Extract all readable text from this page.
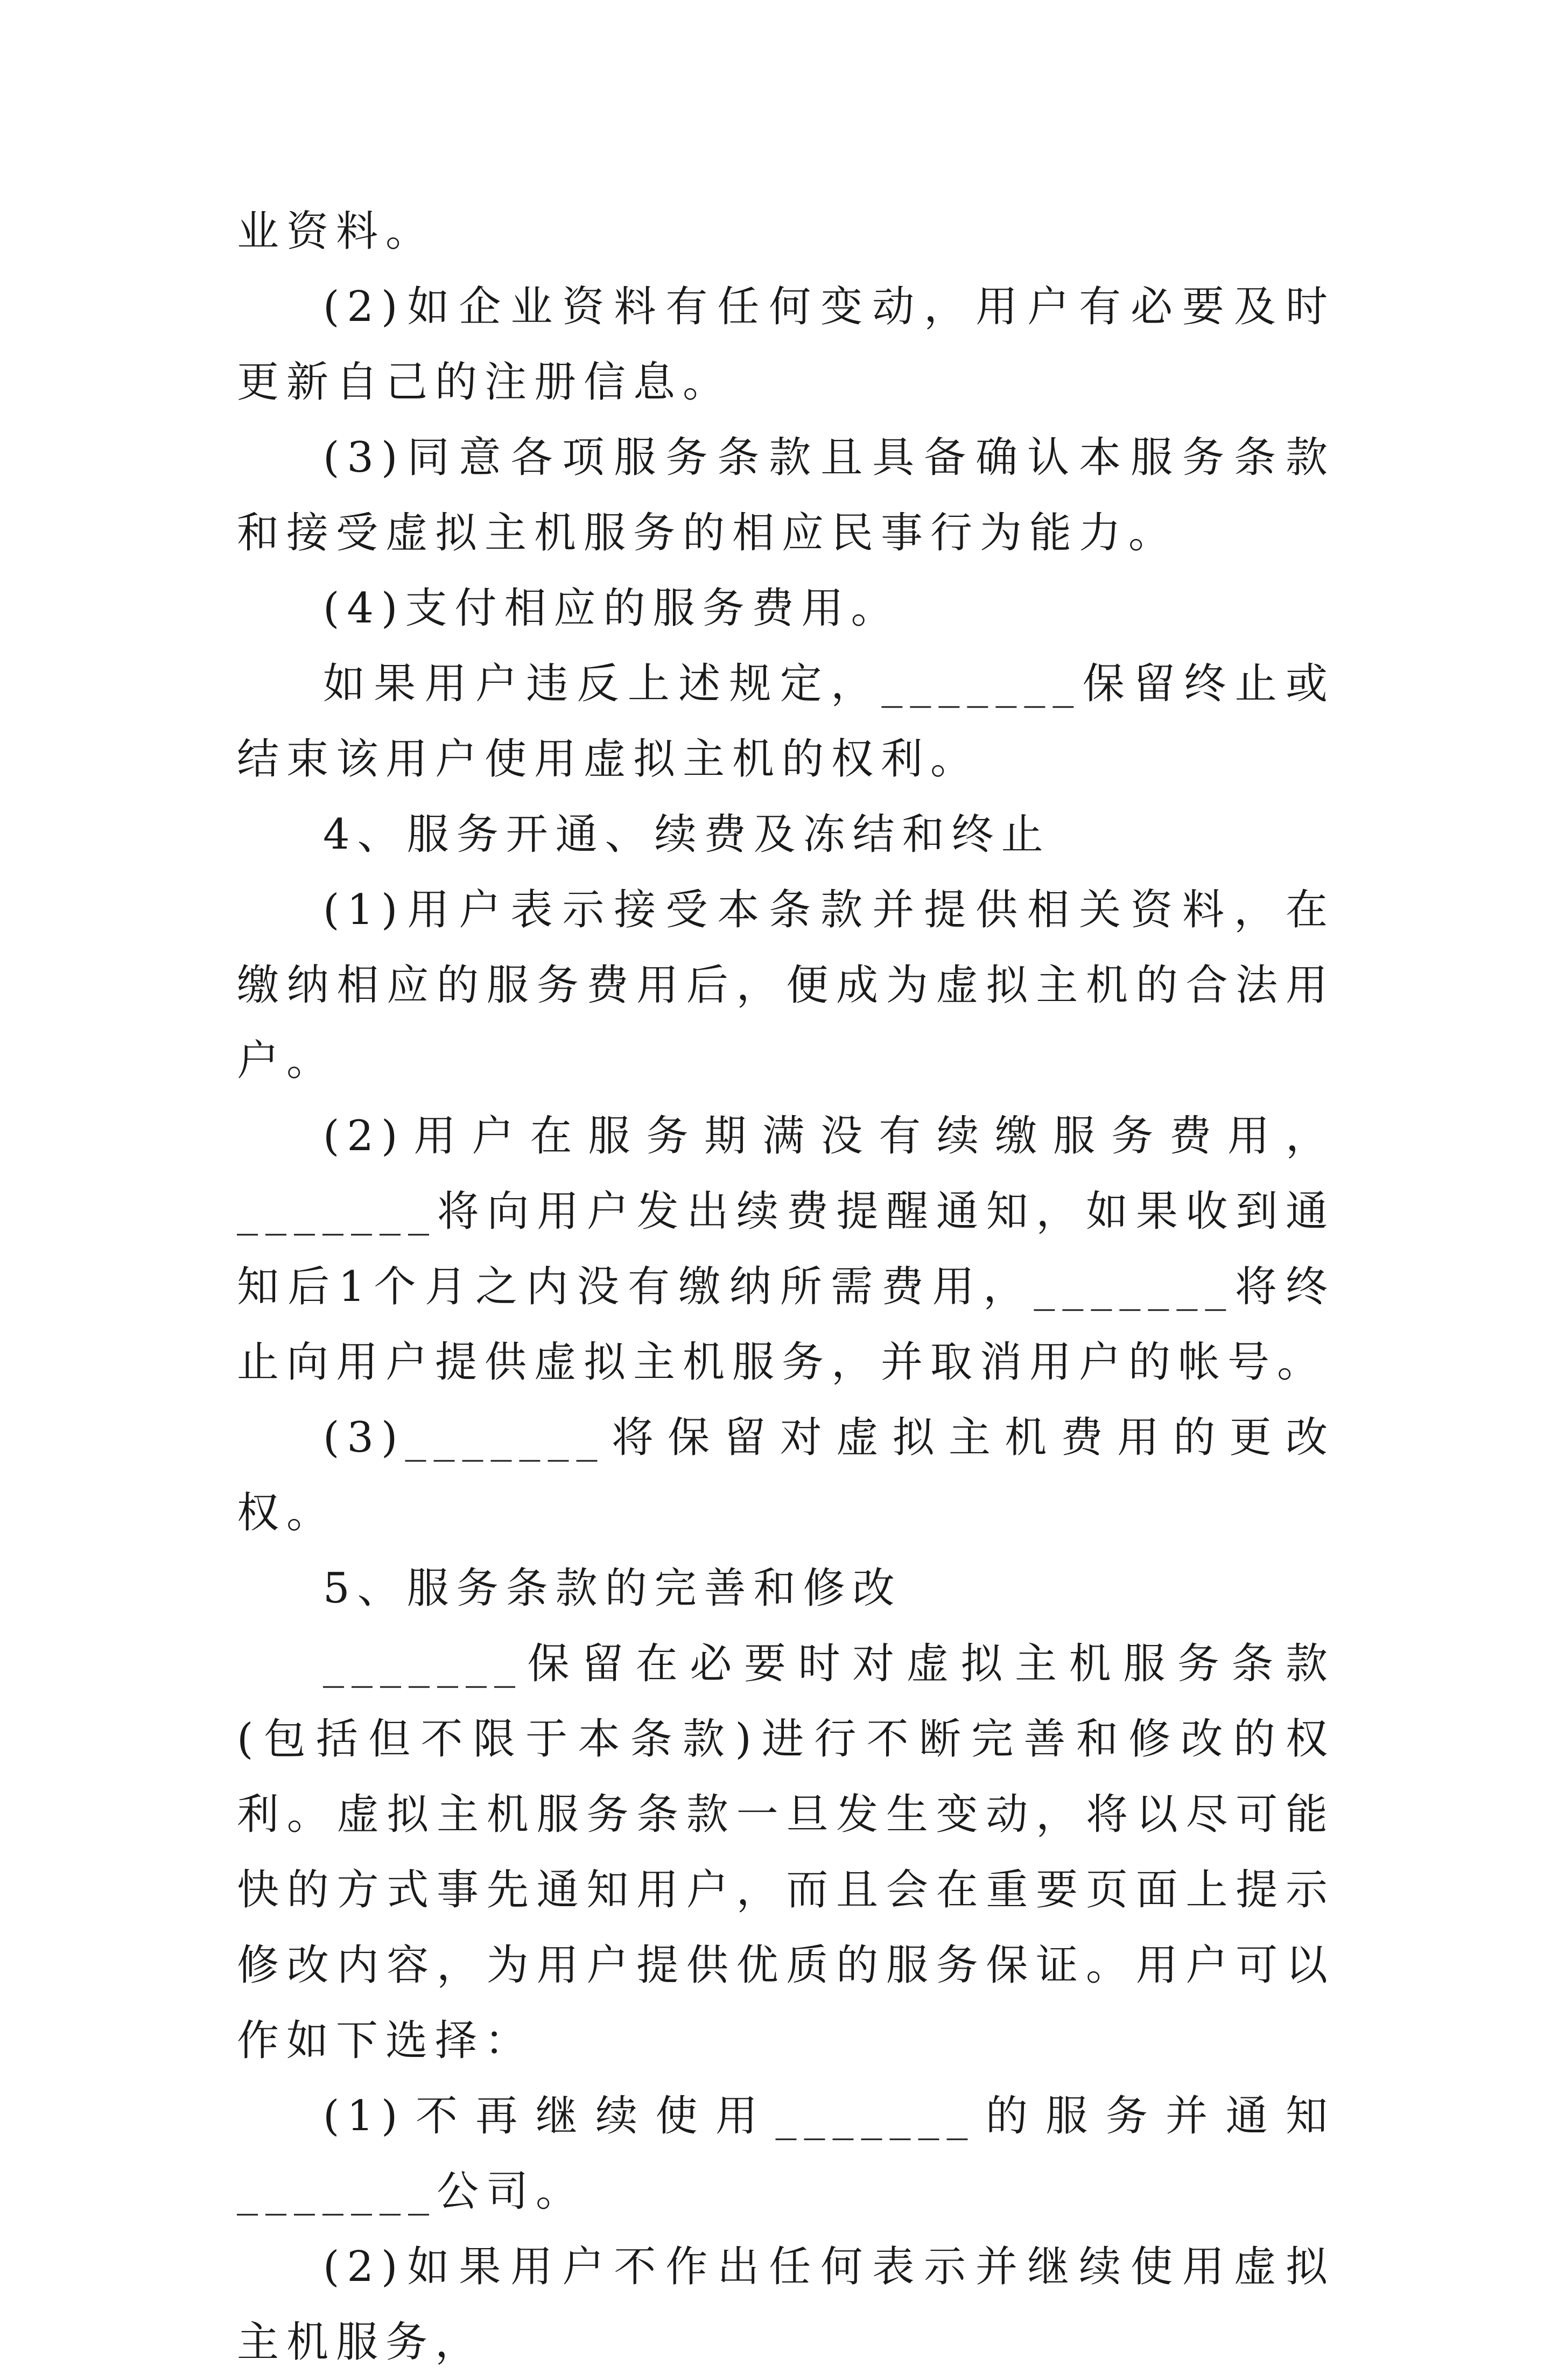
业资料。

(2)如企业资料有任何变动，用户有必要及时更新自己的注册信息。

(3)同意各项服务条款且具备确认本服务条款和接受虚拟主机服务的相应民事行为能力。

(4)支付相应的服务费用。

如果用户违反上述规定，_______保留终止或结束该用户使用虚拟主机的权利。

4、服务开通、续费及冻结和终止

(1)用户表示接受本条款并提供相关资料，在缴纳相应的服务费用后，便成为虚拟主机的合法用户。

(2)用户在服务期满没有续缴服务费用，_______将向用户发出续费提醒通知，如果收到通知后1个月之内没有缴纳所需费用，_______将终止向用户提供虚拟主机服务，并取消用户的帐号。

(3)_______将保留对虚拟主机费用的更改权。

5、服务条款的完善和修改

_______保留在必要时对虚拟主机服务条款(包括但不限于本条款)进行不断完善和修改的权利。虚拟主机服务条款一旦发生变动，将以尽可能快的方式事先通知用户，而且会在重要页面上提示修改内容，为用户提供优质的服务保证。用户可以作如下选择：

(1)不再继续使用_______的服务并通知_______公司。

(2)如果用户不作出任何表示并继续使用虚拟主机服务，
